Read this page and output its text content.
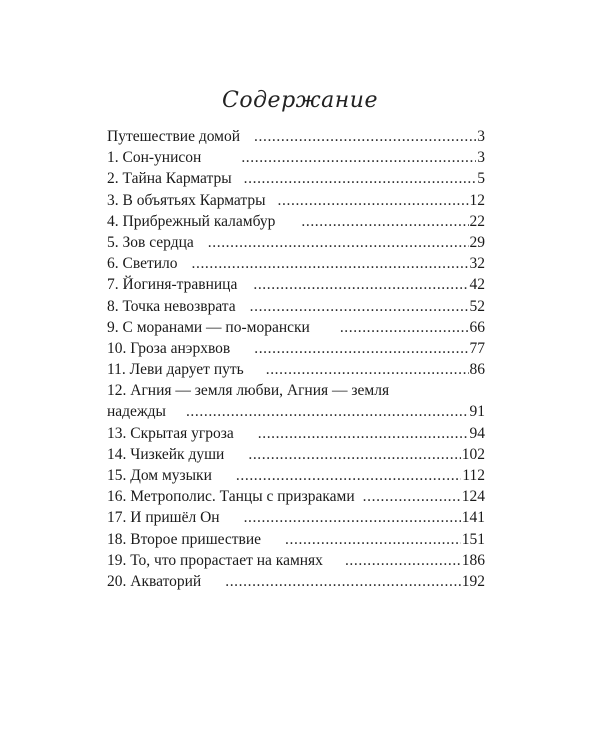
Содержание
Путешествие домой .....	3
1. Сон-унисон .....	3
2. Тайна Карматры .....	5
3. В объятьях Карматры .....	12
4. Прибрежный каламбур .....	22
5. Зов сердца .....	29
6. Светило .....	32
7. Йогиня-травница .....	42
8. Точка невозврата .....	52
9. С моранами — по-морански .....	66
10. Гроза анэрхвов .....	77
11. Леви дарует путь .....	86
12. Агния — земля любви, Агния — земля
надежды .....	91
13. Скрытая угроза .....	94
14. Чизкейк души .....	102
15. Дом музыки .....	112
16. Метрополис. Танцы с призраками .....	124
17. И пришёл Он .....	141
18. Второе пришествие .....	151
19. То, что прорастает на камнях .....	186
20. Акваторий .....	192
